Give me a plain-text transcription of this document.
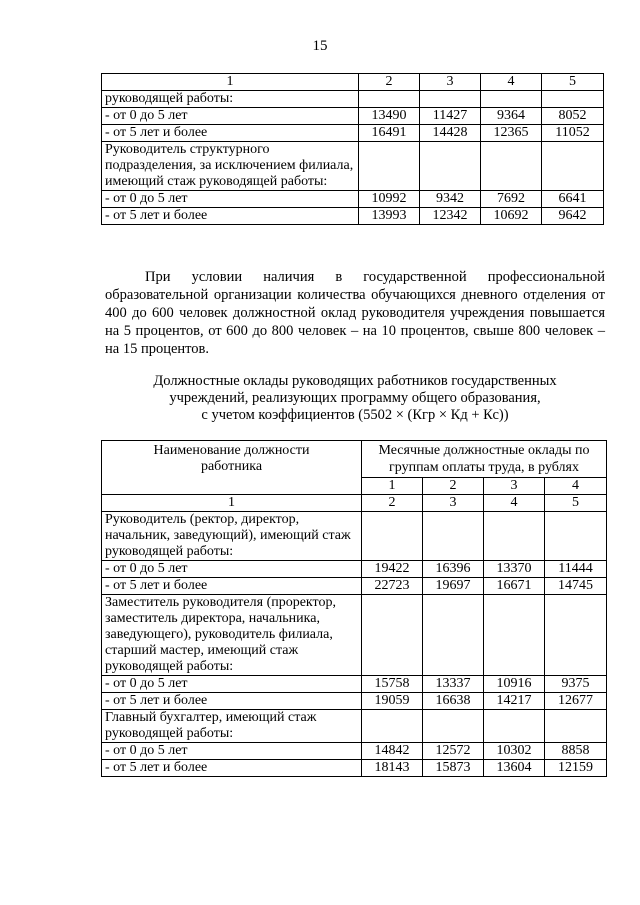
15
1	2	3	4	5
руководящей работы:				
- от 0 до 5 лет	13490	11427	9364	8052
- от 5 лет и более	16491	14428	12365	11052
Руководитель структурного подразделения, за исключением филиала, имеющий стаж руководящей работы:				
- от 0 до 5 лет	10992	9342	7692	6641
- от 5 лет и более	13993	12342	10692	9642
При условии наличия в государственной профессиональной образовательной организации количества обучающихся дневного отделения от 400 до 600 человек должностной оклад руководителя учреждения повышается на 5 процентов, от 600 до 800 человек – на 10 процентов, свыше 800 человек – на 15 процентов.
Должностные оклады руководящих работников государственных
учреждений, реализующих программу общего образования,
с учетом коэффициентов (5502 × (Кгр × Кд + Кс))
Наименование должности работника	Месячные должностные оклады по группам оплаты труда, в рублях			
	1	2	3	4
1	2	3	4	5
Руководитель (ректор, директор, начальник, заведующий), имеющий стаж руководящей работы:				
- от 0 до 5 лет	19422	16396	13370	11444
- от 5 лет и более	22723	19697	16671	14745
Заместитель руководителя (проректор, заместитель директора, начальника, заведующего), руководитель филиала, старший мастер, имеющий стаж руководящей работы:				
- от 0 до 5 лет	15758	13337	10916	9375
- от 5 лет и более	19059	16638	14217	12677
Главный бухгалтер, имеющий стаж руководящей работы:				
- от 0 до 5 лет	14842	12572	10302	8858
- от 5 лет и более	18143	15873	13604	12159
